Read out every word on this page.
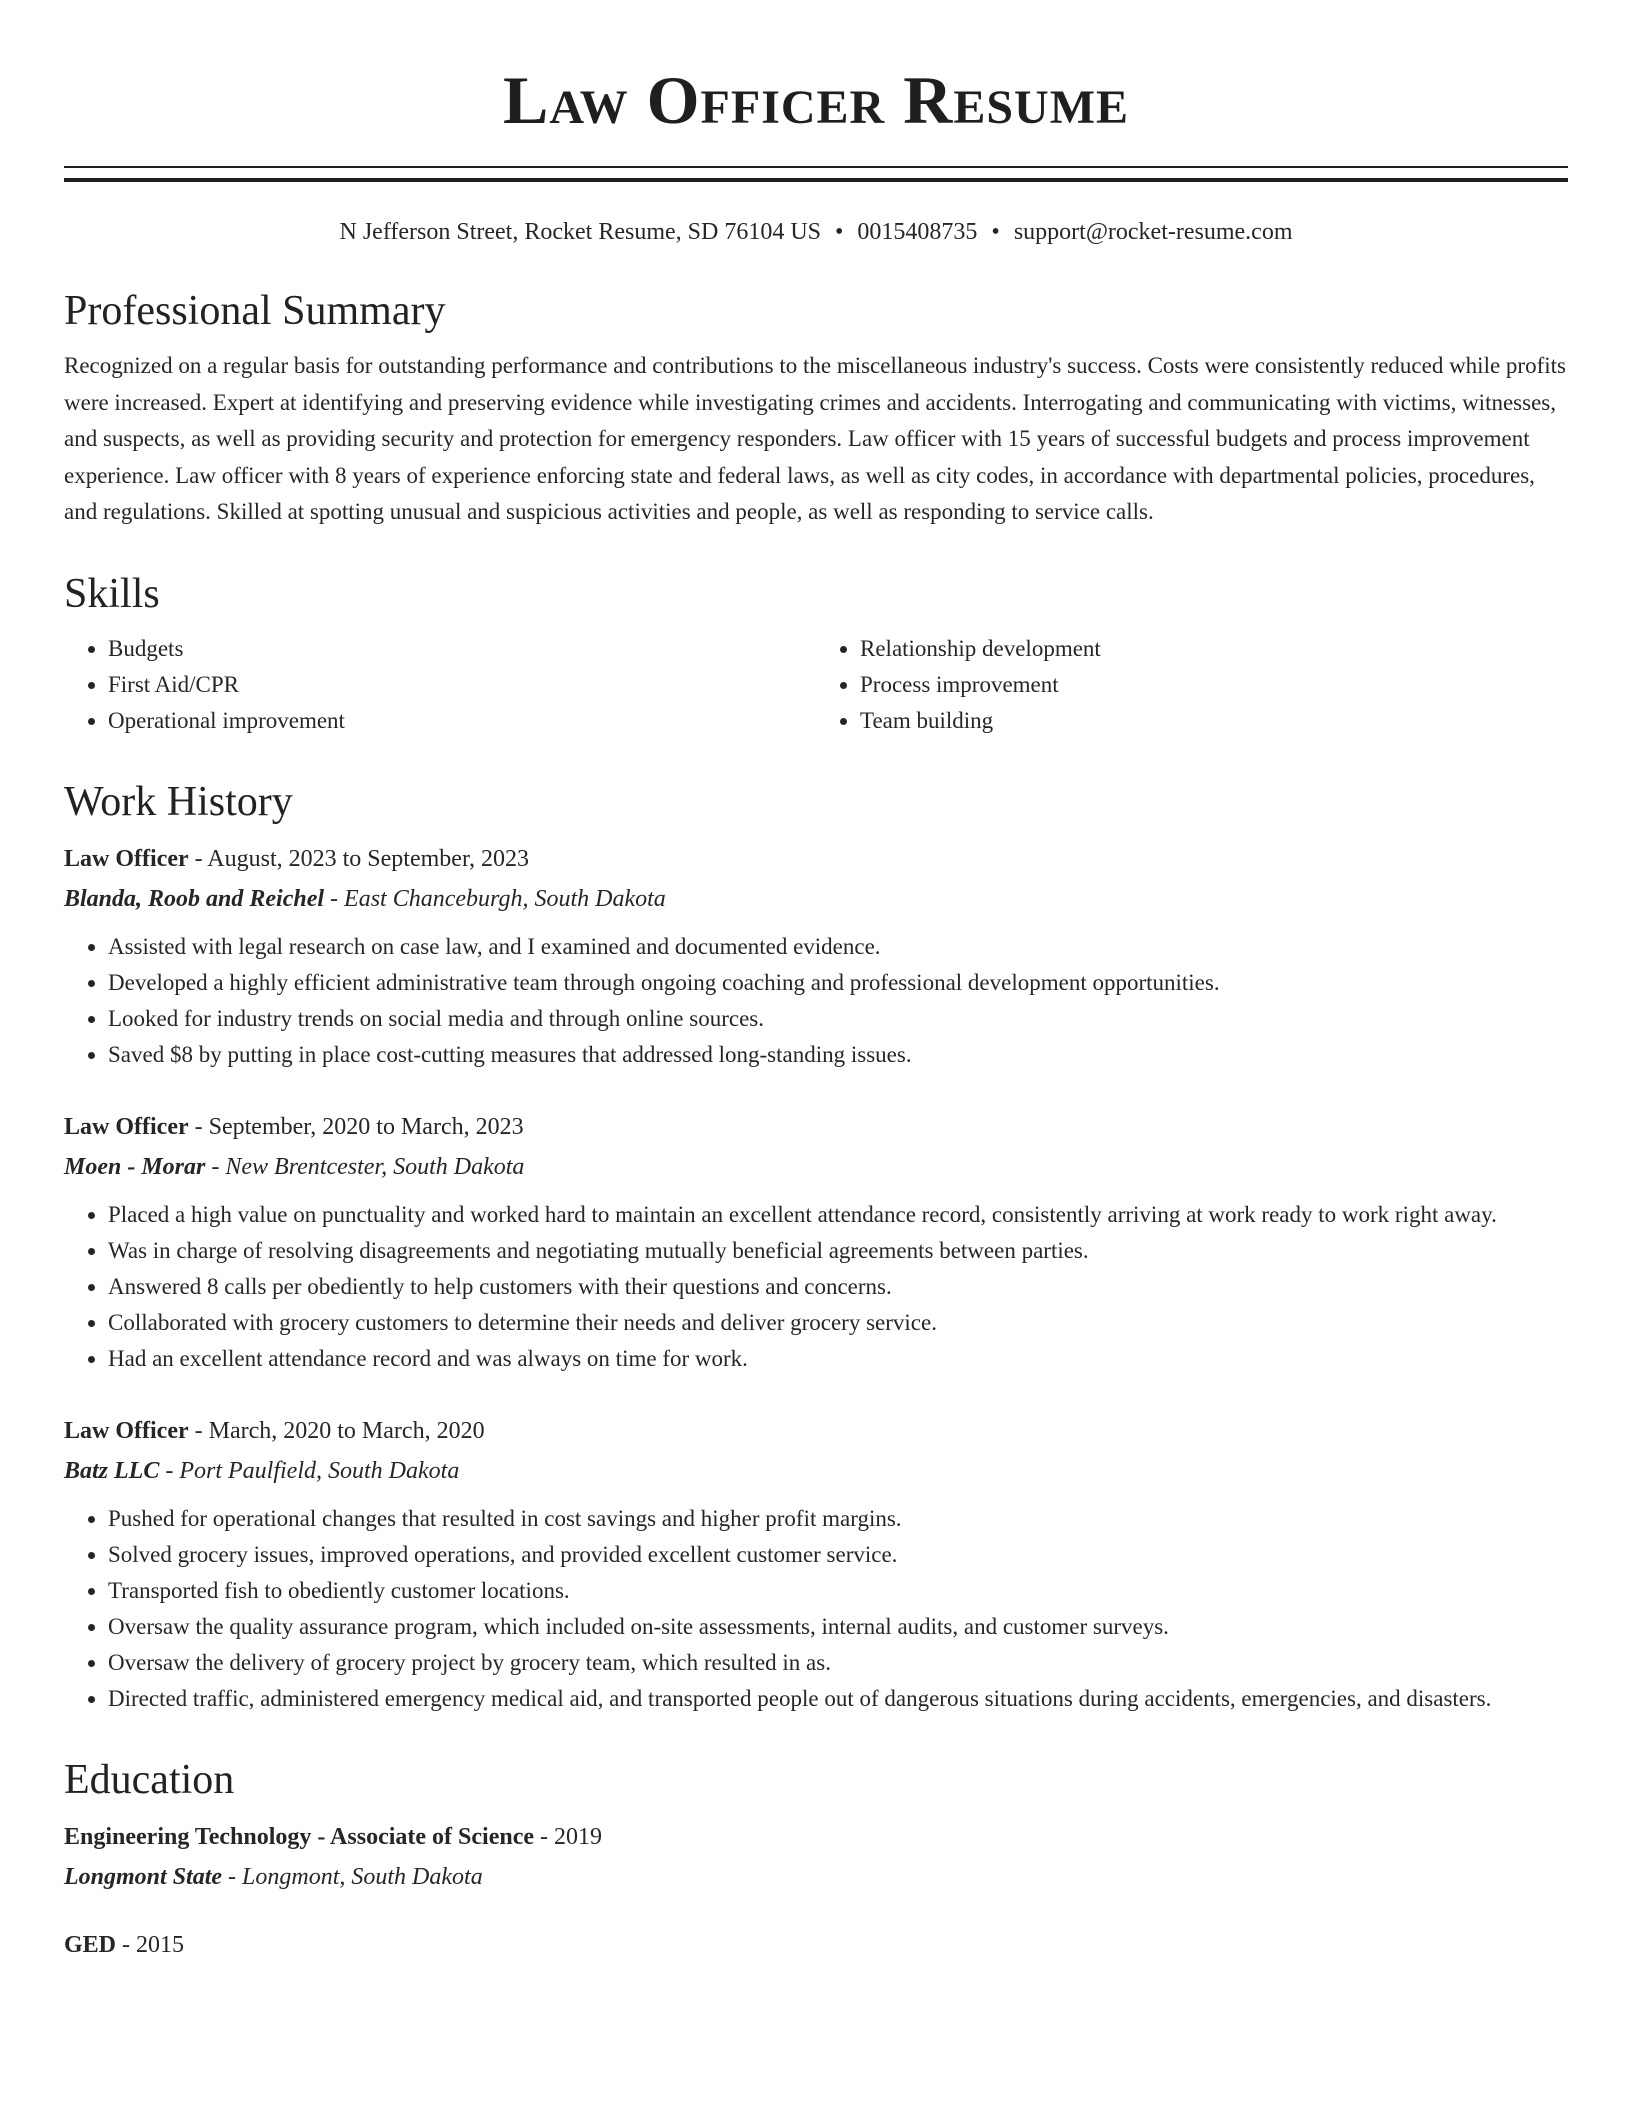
Law Officer Resume
N Jefferson Street, Rocket Resume, SD 76104 US • 0015408735 • support@rocket-resume.com
Professional Summary

Recognized on a regular basis for outstanding performance and contributions to the miscellaneous industry's success. Costs were consistently reduced while profits were increased. Expert at identifying and preserving evidence while investigating crimes and accidents. Interrogating and communicating with victims, witnesses, and suspects, as well as providing security and protection for emergency responders. Law officer with 15 years of successful budgets and process improvement experience. Law officer with 8 years of experience enforcing state and federal laws, as well as city codes, in accordance with departmental policies, procedures, and regulations. Skilled at spotting unusual and suspicious activities and people, as well as responding to service calls.

Skills
• Budgets
• First Aid/CPR
• Operational improvement
• Relationship development
• Process improvement
• Team building
Work History
Law Officer - August, 2023 to September, 2023
Blanda, Roob and Reichel - East Chanceburgh, South Dakota
• Assisted with legal research on case law, and I examined and documented evidence.
• Developed a highly efficient administrative team through ongoing coaching and professional development opportunities.
• Looked for industry trends on social media and through online sources.
• Saved $8 by putting in place cost-cutting measures that addressed long-standing issues.
Law Officer - September, 2020 to March, 2023
Moen - Morar - New Brentcester, South Dakota
• Placed a high value on punctuality and worked hard to maintain an excellent attendance record, consistently arriving at work ready to work right away.
• Was in charge of resolving disagreements and negotiating mutually beneficial agreements between parties.
• Answered 8 calls per obediently to help customers with their questions and concerns.
• Collaborated with grocery customers to determine their needs and deliver grocery service.
• Had an excellent attendance record and was always on time for work.
Law Officer - March, 2020 to March, 2020
Batz LLC - Port Paulfield, South Dakota
• Pushed for operational changes that resulted in cost savings and higher profit margins.
• Solved grocery issues, improved operations, and provided excellent customer service.
• Transported fish to obediently customer locations.
• Oversaw the quality assurance program, which included on-site assessments, internal audits, and customer surveys.
• Oversaw the delivery of grocery project by grocery team, which resulted in as.
• Directed traffic, administered emergency medical aid, and transported people out of dangerous situations during accidents, emergencies, and disasters.
Education
Engineering Technology - Associate of Science - 2019
Longmont State - Longmont, South Dakota
GED - 2015
